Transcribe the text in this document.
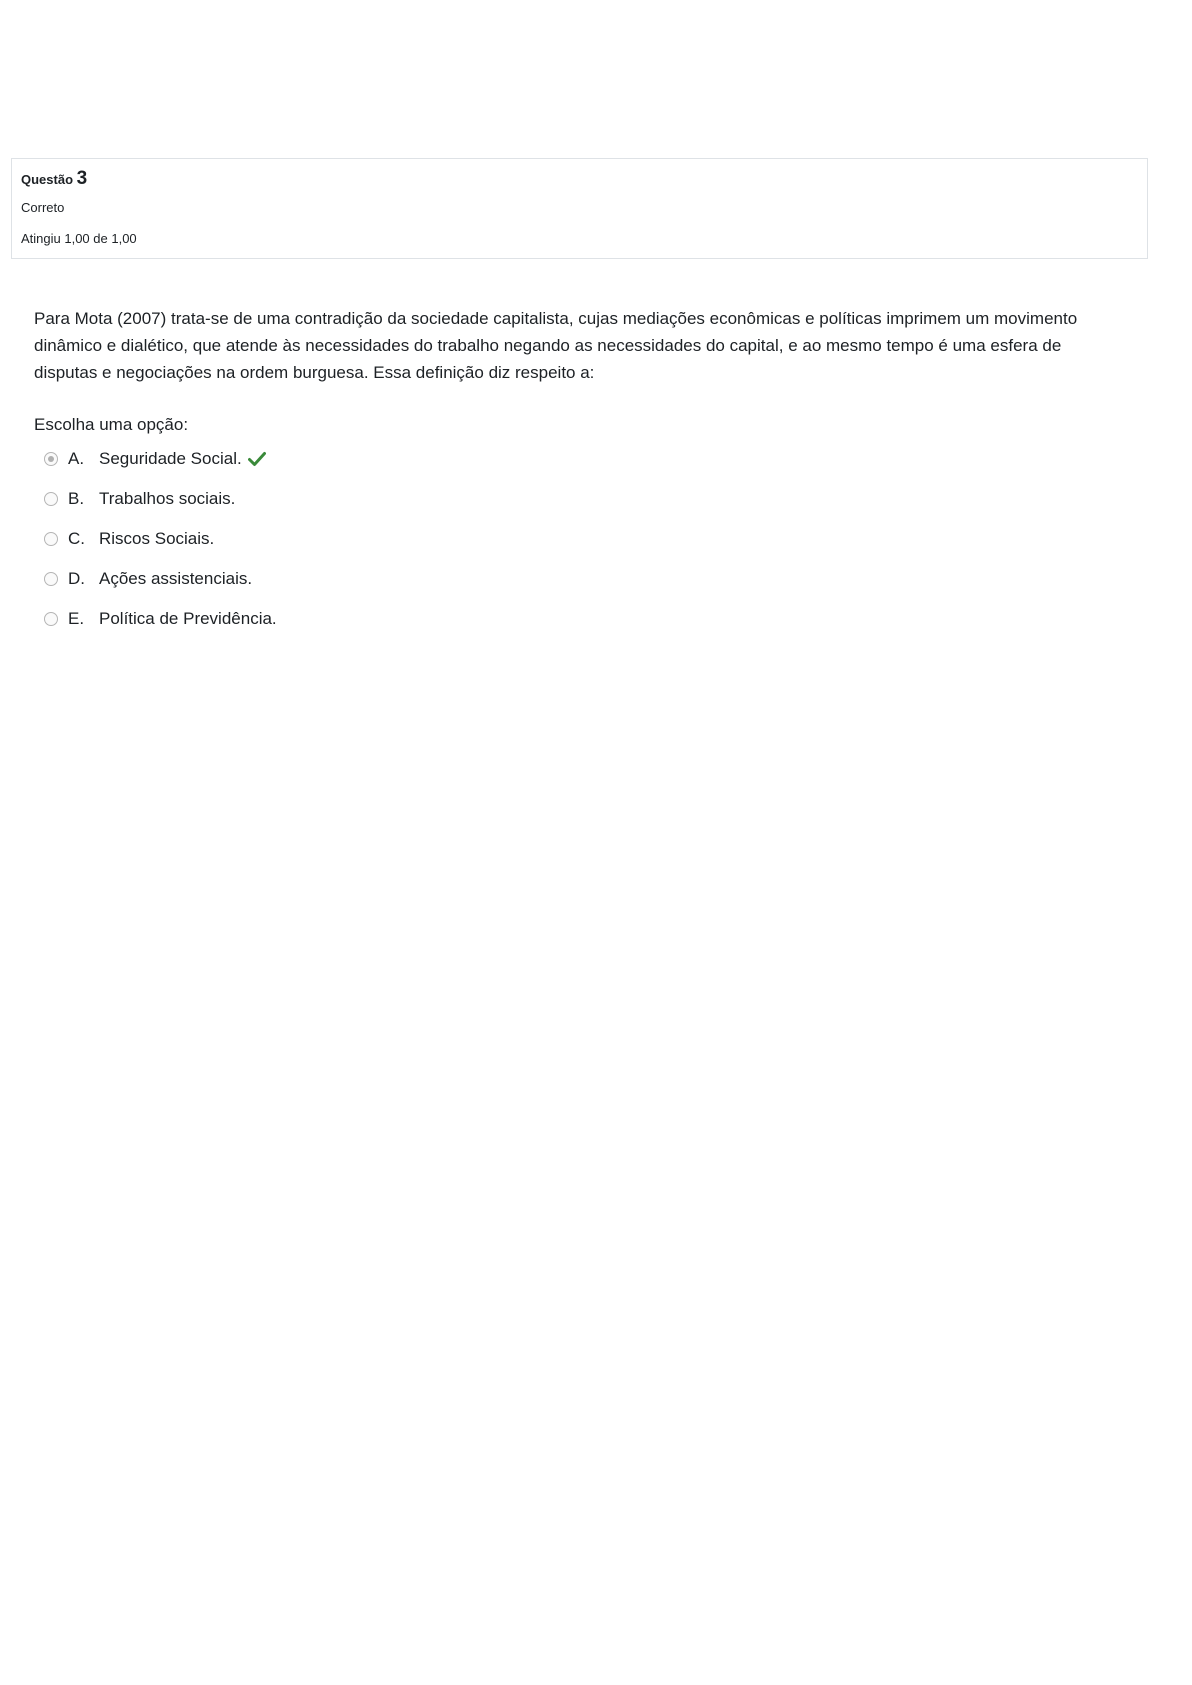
Questão 3
Correto
Atingiu 1,00 de 1,00

Para Mota (2007) trata-se de uma contradição da sociedade capitalista, cujas mediações econômicas e políticas imprimem um movimento dinâmico e dialético, que atende às necessidades do trabalho negando as necessidades do capital, e ao mesmo tempo é uma esfera de disputas e negociações na ordem burguesa. Essa definição diz respeito a:

Escolha uma opção:
A. Seguridade Social.
B. Trabalhos sociais.
C. Riscos Sociais.
D. Ações assistenciais.
E. Política de Previdência.
